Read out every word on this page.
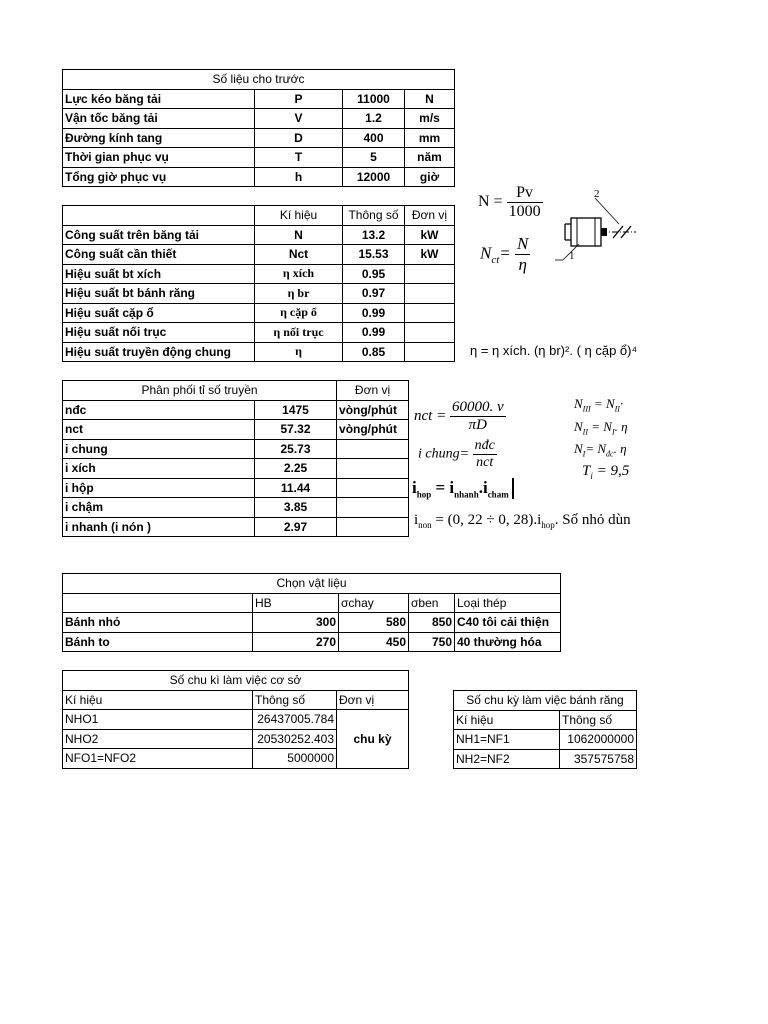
Số liệu cho trước			
Lực kéo băng tải	P	11000	N
Vận tốc băng tải	V	1.2	m/s
Đường kính tang	D	400	mm
Thời gian phục vụ	T	5	năm
Tổng giờ phục vụ	h	12000	giờ
	Kí hiệu	Thông số	Đơn vị
Công suất trên băng tải	N	13.2	kW
Công suất cần thiết	Nct	15.53	kW
Hiệu suất bt xích	η xích	0.95	
Hiệu suất bt bánh răng	η br	0.97	
Hiệu suất cặp ổ	η cặp ổ	0.99	
Hiệu suất nối trục	η nối trục	0.99	
Hiệu suất truyền động chung	η	0.85	
Phân phối tỉ số truyền		Đơn vị
nđc	1475	vòng/phút
nct	57.32	vòng/phút
i chung	25.73	
i xích	2.25	
i hộp	11.44	
i chậm	3.85	
i nhanh (i nón )	2.97	
Chọn vật liệu				
	HB	σchay	σben	Loại thép
Bánh nhỏ	300	580	850	C40 tôi cải thiện
Bánh to	270	450	750	40 thường hóa
Số chu kì làm việc cơ sở		
Kí hiệu	Thông số	Đơn vị
NHO1	26437005.784	chu kỳ
NHO2	20530252.403	
NFO1=NFO2	5000000	
Số chu kỳ làm việc bánh răng	
Kí hiệu	Thông số
NH1=NF1	1062000000
NH2=NF2	357575758
$N = \frac{Pv}{1000}$
$N_{ct}= \frac{N}{\eta}$
2
1
η = η xích. (η br)². ( η cặp ổ)⁴
nct = $\frac{60000. v}{\pi D}$
i chung= $\frac{\text{nđc}}{\text{nct}}$
$i_{hop} = i_{nhanh}.i_{cham}$
$i_{non} = (0$, 22 ÷ 0, $28).i_{hop}$. Số nhỏ dùn
$N_{III} = N_{II}\cdot$
$N_{II} = N_I$. η
$N_I= N_{đc}$. η
$T_i = 9,5$
